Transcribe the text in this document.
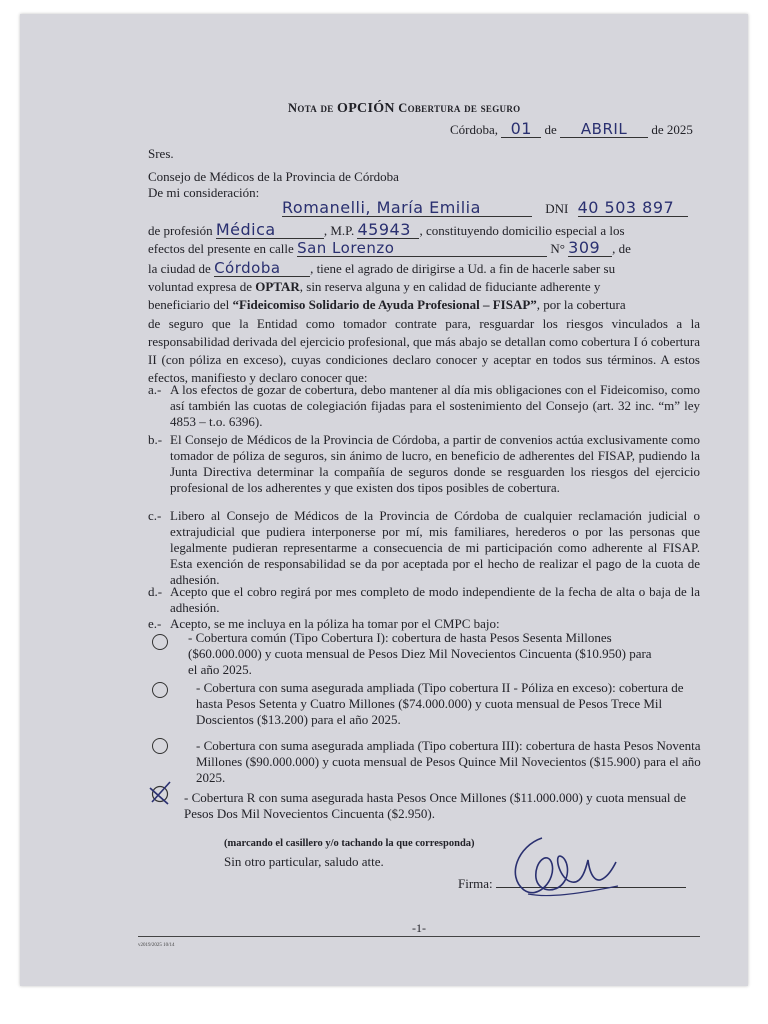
Nota de OPCIÓN Cobertura de seguro
Córdoba, 01 de ABRIL de 2025
Sres.
Consejo de Médicos de la Provincia de Córdoba
De mi consideración:
Romanelli, María Emilia	DNI 40 503 897
de profesión Médica	, M.P. 45943 , constituyendo domicilio especial a los
efectos del presente en calle San Lorenzo	N° 309 , de
la ciudad de Córdoba , tiene el agrado de dirigirse a Ud. a fin de hacerle saber su
voluntad expresa de OPTAR, sin reserva alguna y en calidad de fiduciante adherente y
beneficiario del “Fideicomiso Solidario de Ayuda Profesional – FISAP”, por la cobertura
de seguro que la Entidad como tomador contrate para, resguardar los riesgos vinculados a la responsabilidad derivada del ejercicio profesional, que más abajo se detallan como cobertura I ó cobertura II (con póliza en exceso), cuyas condiciones declaro conocer y aceptar en todos sus términos. A estos efectos, manifiesto y declaro conocer que:
a.- A los efectos de gozar de cobertura, debo mantener al día mis obligaciones con el Fideicomiso, como así también las cuotas de colegiación fijadas para el sostenimiento del Consejo (art. 32 inc. “m” ley 4853 – t.o. 6396).
b.- El Consejo de Médicos de la Provincia de Córdoba, a partir de convenios actúa exclusivamente como tomador de póliza de seguros, sin ánimo de lucro, en beneficio de adherentes del FISAP, pudiendo la Junta Directiva determinar la compañía de seguros donde se resguarden los riesgos del ejercicio profesional de los adherentes y que existen dos tipos posibles de cobertura.
c.- Libero al Consejo de Médicos de la Provincia de Córdoba de cualquier reclamación judicial o extrajudicial que pudiera interponerse por mí, mis familiares, herederos o por las personas que legalmente pudieran representarme a consecuencia de mi participación como adherente al FISAP. Esta exención de responsabilidad se da por aceptada por el hecho de realizar el pago de la cuota de adhesión.
d.- Acepto que el cobro regirá por mes completo de modo independiente de la fecha de alta o baja de la adhesión.
e.- Acepto, se me incluya en la póliza ha tomar por el CMPC bajo:
- Cobertura común (Tipo Cobertura I): cobertura de hasta Pesos Sesenta Millones ($60.000.000) y cuota mensual de Pesos Diez Mil Novecientos Cincuenta ($10.950) para el año 2025.
- Cobertura con suma asegurada ampliada (Tipo cobertura II - Póliza en exceso): cobertura de hasta Pesos Setenta y Cuatro Millones ($74.000.000) y cuota mensual de Pesos Trece Mil Doscientos ($13.200) para el año 2025.
- Cobertura con suma asegurada ampliada (Tipo cobertura III): cobertura de hasta Pesos Noventa Millones ($90.000.000) y cuota mensual de Pesos Quince Mil Novecientos ($15.900) para el año 2025.
- Cobertura R con suma asegurada hasta Pesos Once Millones ($11.000.000) y cuota mensual de Pesos Dos Mil Novecientos Cincuenta ($2.950).
(marcando el casillero y/o tachando la que corresponda)
Sin otro particular, saludo atte.
Firma:
-1-
v2019/2025 10/14
